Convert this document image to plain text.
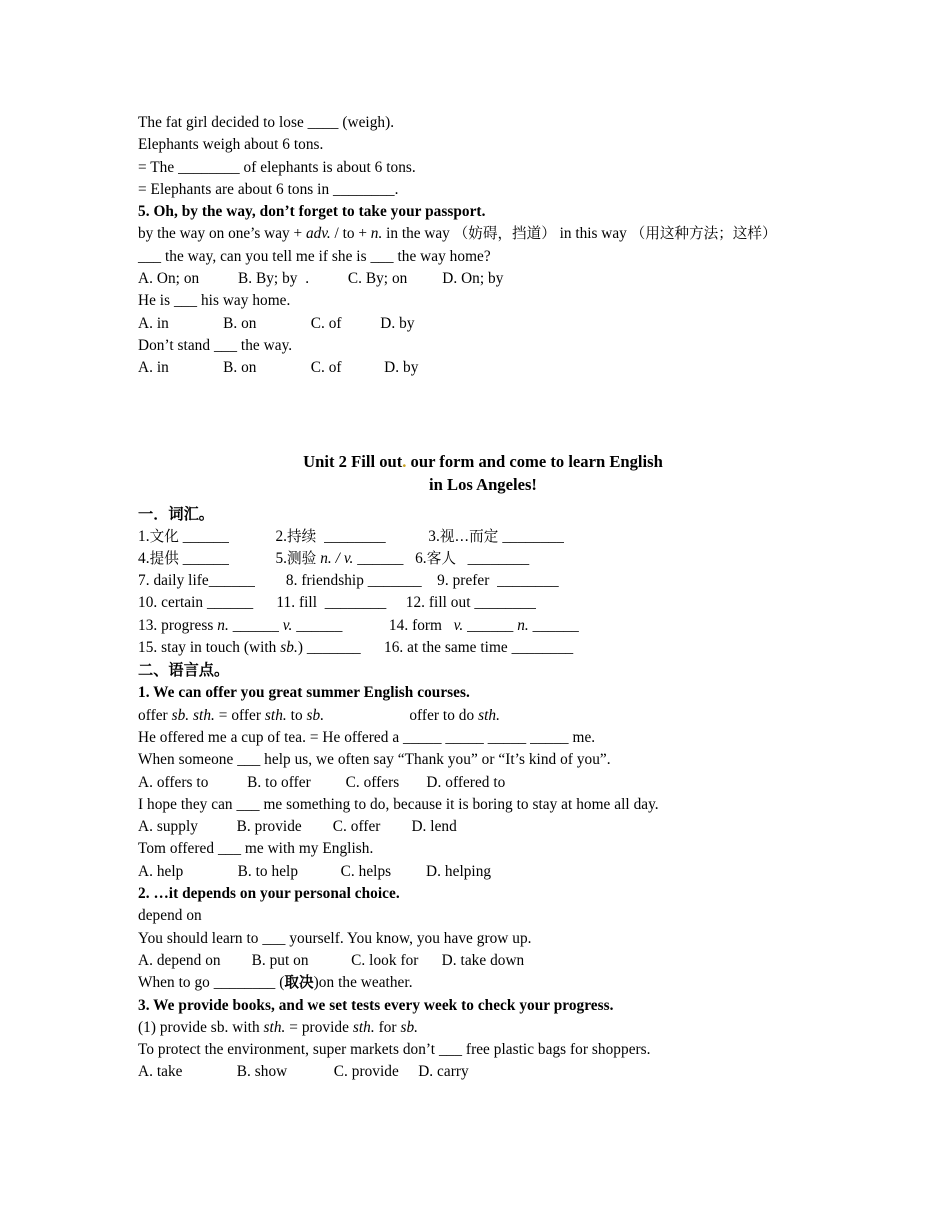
The fat girl decided to lose ____ (weigh).
Elephants weigh about 6 tons.
= The ________ of elephants is about 6 tons.
= Elephants are about 6 tons in ________.
5. Oh, by the way, don’t forget to take your passport.
by the way on one’s way + adv. / to + n. in the way （妨碍，挡道） in this way （用这种方法；这样）
___ the way, can you tell me if she is ___ the way home?
A. On; on          B. By; by  .          C. By; on         D. On; by
He is ___ his way home.
A. in              B. on              C. of          D. by
Don’t stand ___ the way.
A. in              B. on              C. of           D. by
Unit 2 Fill out. our form and come to learn English
in Los Angeles!
一．词汇。
1.文化 ______	2.持续  ________	3.视…而定 ________
4.提供 ______	5.测验 n. / v. ______ 6.客人   ________
7. daily life______        8. friendship _______    9. prefer  ________
10. certain ______      11. fill  ________     12. fill out ________
13. progress n. ______ v. ______            14. form   v. ______ n. ______
15. stay in touch (with sb.) _______      16. at the same time ________
二、语言点。
1. We can offer you great summer English courses.
offer sb. sth. = offer sth. to sb.                      offer to do sth.
He offered me a cup of tea. = He offered a _____ _____ _____ _____ me.
When someone ___ help us, we often say “Thank you” or “It’s kind of you”.
A. offers to          B. to offer         C. offers       D. offered to
I hope they can ___ me something to do, because it is boring to stay at home all day.
A. supply          B. provide        C. offer        D. lend
Tom offered ___ me with my English.
A. help              B. to help           C. helps         D. helping
2. …it depends on your personal choice.
depend on
You should learn to ___ yourself. You know, you have grow up.
A. depend on        B. put on           C. look for      D. take down
When to go ________ (取决)on the weather.
3. We provide books, and we set tests every week to check your progress.
(1) provide sb. with sth. = provide sth. for sb.
To protect the environment, super markets don’t ___ free plastic bags for shoppers.
A. take              B. show            C. provide     D. carry
